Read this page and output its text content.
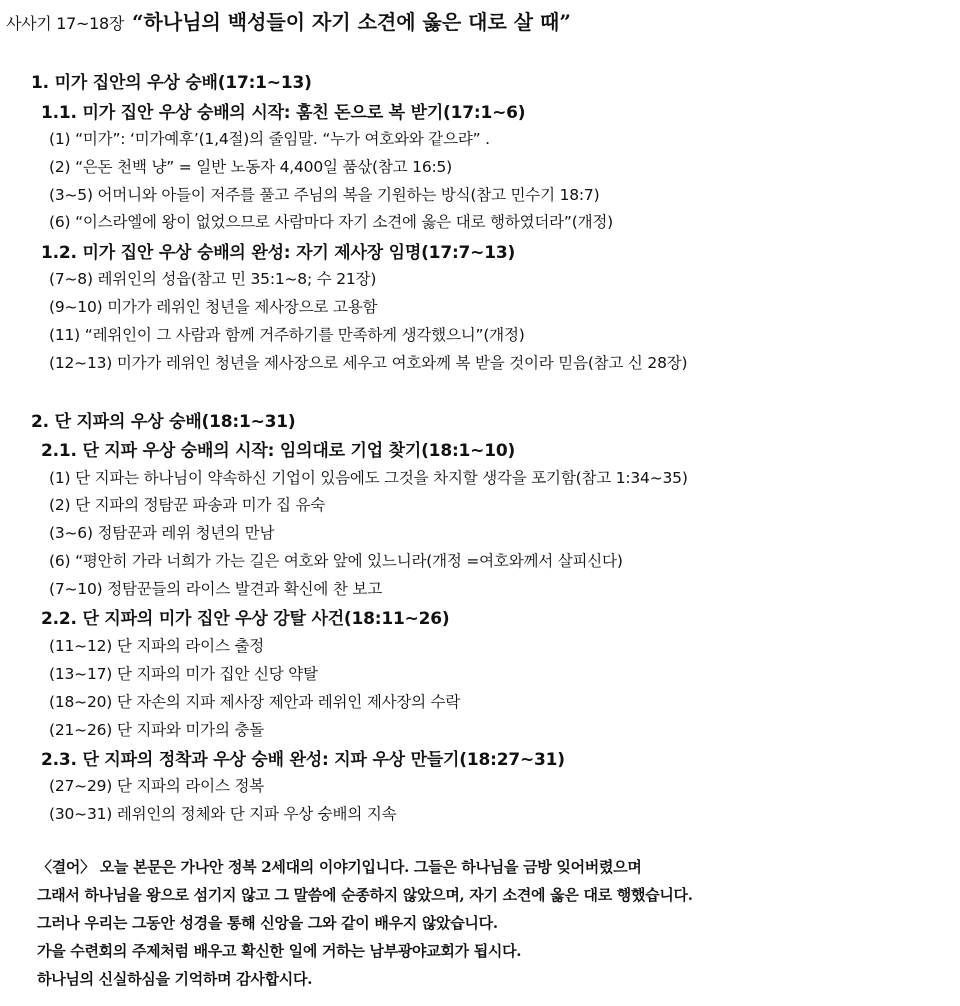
사사기 17~18장 “하나님의 백성들이 자기 소견에 옳은 대로 살 때”
1. 미가 집안의 우상 숭배(17:1~13)
1.1. 미가 집안 우상 숭배의 시작: 훔친 돈으로 복 받기(17:1~6)
(1) “미가”: ‘미가예후’(1,4절)의 줄임말. “누가 여호와와 같으랴” .
(2) “은돈 천백 냥” = 일반 노동자 4,400일 품삯(참고 16:5)
(3~5) 어머니와 아들이 저주를 풀고 주님의 복을 기원하는 방식(참고 민수기 18:7)
(6) “이스라엘에 왕이 없었으므로 사람마다 자기 소견에 옳은 대로 행하였더라”(개정)
1.2. 미가 집안 우상 숭배의 완성: 자기 제사장 임명(17:7~13)
(7~8) 레위인의 성읍(참고 민 35:1~8; 수 21장)
(9~10) 미가가 레위인 청년을 제사장으로 고용함
(11) “레위인이 그 사람과 함께 거주하기를 만족하게 생각했으니”(개정)
(12~13) 미가가 레위인 청년을 제사장으로 세우고 여호와께 복 받을 것이라 믿음(참고 신 28장)
2. 단 지파의 우상 숭배(18:1~31)
2.1. 단 지파 우상 숭배의 시작: 임의대로 기업 찾기(18:1~10)
(1) 단 지파는 하나님이 약속하신 기업이 있음에도 그것을 차지할 생각을 포기함(참고 1:34~35)
(2) 단 지파의 정탐꾼 파송과 미가 집 유숙
(3~6) 정탐꾼과 레위 청년의 만남
(6) “평안히 가라 너희가 가는 길은 여호와 앞에 있느니라(개정 =여호와께서 살피신다)
(7~10) 정탐꾼들의 라이스 발견과 확신에 찬 보고
2.2. 단 지파의 미가 집안 우상 강탈 사건(18:11~26)
(11~12) 단 지파의 라이스 출정
(13~17) 단 지파의 미가 집안 신당 약탈
(18~20) 단 자손의 지파 제사장 제안과 레위인 제사장의 수락
(21~26) 단 지파와 미가의 충돌
2.3. 단 지파의 정착과 우상 숭배 완성: 지파 우상 만들기(18:27~31)
(27~29) 단 지파의 라이스 정복
(30~31) 레위인의 정체와 단 지파 우상 숭배의 지속
〈결어〉 오늘 본문은 가나안 정복 2세대의 이야기입니다. 그들은 하나님을 금방 잊어버렸으며
그래서 하나님을 왕으로 섬기지 않고 그 말씀에 순종하지 않았으며, 자기 소견에 옳은 대로 행했습니다.
그러나 우리는 그동안 성경을 통해 신앙을 그와 같이 배우지 않았습니다.
가을 수련회의 주제처럼 배우고 확신한 일에 거하는 남부광야교회가 됩시다.
하나님의 신실하심을 기억하며 감사합시다.
